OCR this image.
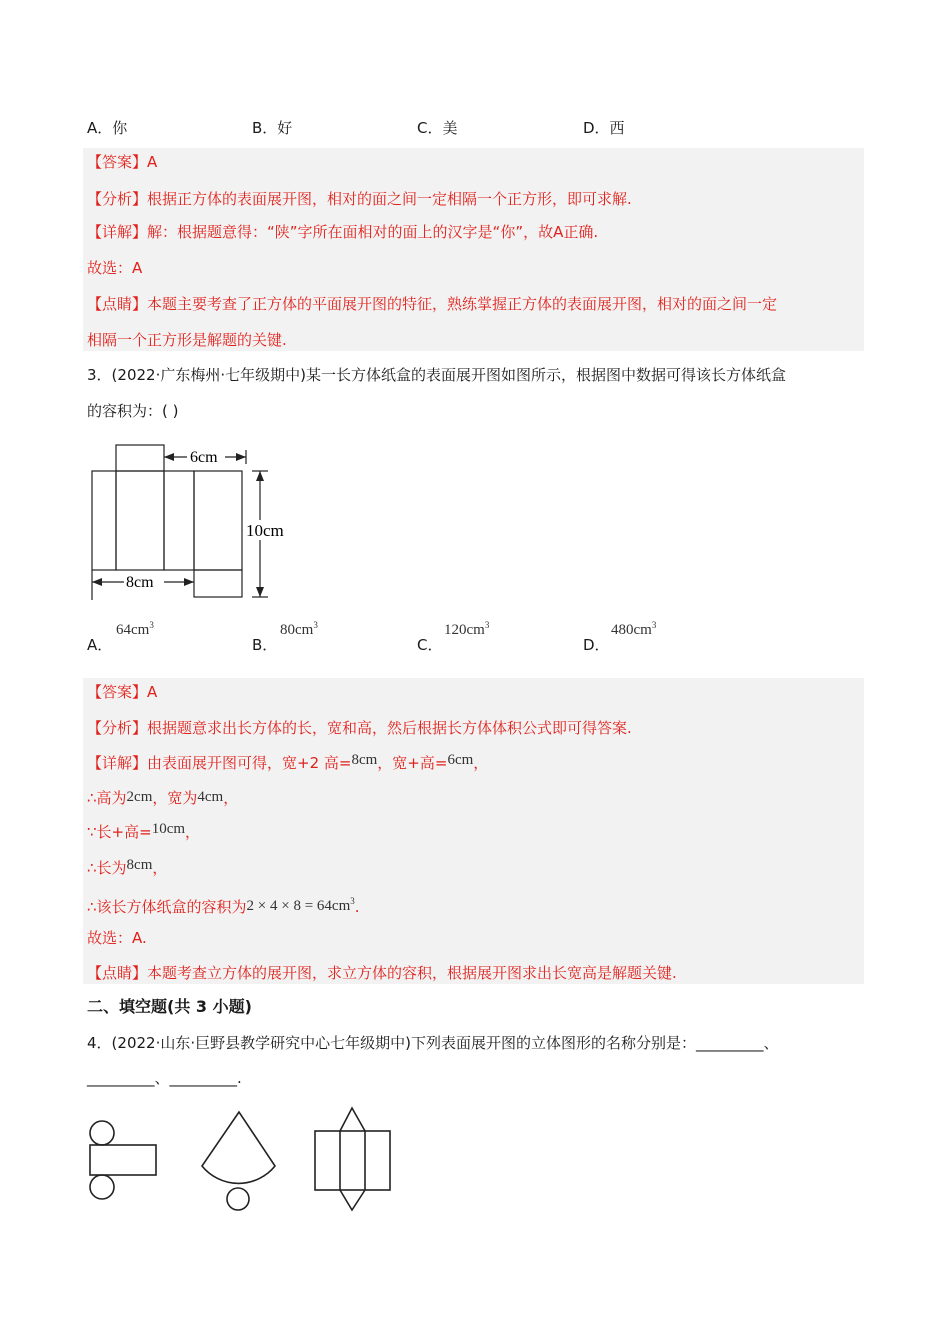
A．你	B．好	C．美	D．西
【答案】A
【分析】根据正方体的表面展开图，相对的面之间一定相隔一个正方形，即可求解.
【详解】解：根据题意得：“陕”字所在面相对的面上的汉字是“你”，故A正确.
故选：A
【点睛】本题主要考查了正方体的平面展开图的特征，熟练掌握正方体的表面展开图，相对的面之间一定
相隔一个正方形是解题的关键.
3．(2022·广东梅州·七年级期中)某一长方体纸盒的表面展开图如图所示，根据图中数据可得该长方体纸盒
的容积为：( )
6cm
10cm
8cm
A．
$64cm^3$
B．
$80cm^3$
C．
$120cm^3$
D．
$480cm^3$
【答案】A
【分析】根据题意求出长方体的长，宽和高，然后根据长方体体积公式即可得答案.
【详解】由表面展开图可得，宽+2 高=8cm，宽+高=6cm，
∴高为2cm，宽为4cm，
∵长+高=10cm，
∴长为8cm，
∴该长方体纸盒的容积为$2 \times 4 \times 8 = 64cm^3$.
故选：A.
【点睛】本题考查立方体的展开图，求立方体的容积，根据展开图求出长宽高是解题关键.
二、填空题(共 3 小题)
4．(2022·山东·巨野县教学研究中心七年级期中)下列表面展开图的立体图形的名称分别是：_________、
_________、_________.
